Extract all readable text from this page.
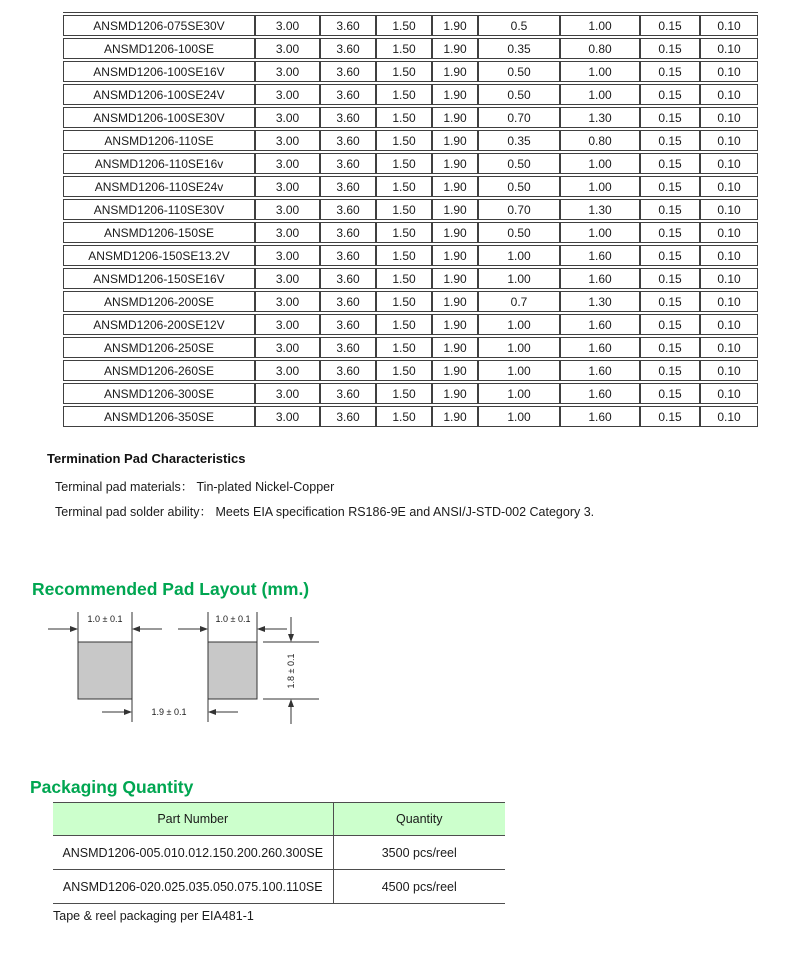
ANSMD1206-075SE30V	3.00	3.60	1.50	1.90	0.5	1.00	0.15	0.10
ANSMD1206-100SE	3.00	3.60	1.50	1.90	0.35	0.80	0.15	0.10
ANSMD1206-100SE16V	3.00	3.60	1.50	1.90	0.50	1.00	0.15	0.10
ANSMD1206-100SE24V	3.00	3.60	1.50	1.90	0.50	1.00	0.15	0.10
ANSMD1206-100SE30V	3.00	3.60	1.50	1.90	0.70	1.30	0.15	0.10
ANSMD1206-110SE	3.00	3.60	1.50	1.90	0.35	0.80	0.15	0.10
ANSMD1206-110SE16v	3.00	3.60	1.50	1.90	0.50	1.00	0.15	0.10
ANSMD1206-110SE24v	3.00	3.60	1.50	1.90	0.50	1.00	0.15	0.10
ANSMD1206-110SE30V	3.00	3.60	1.50	1.90	0.70	1.30	0.15	0.10
ANSMD1206-150SE	3.00	3.60	1.50	1.90	0.50	1.00	0.15	0.10
ANSMD1206-150SE13.2V	3.00	3.60	1.50	1.90	1.00	1.60	0.15	0.10
ANSMD1206-150SE16V	3.00	3.60	1.50	1.90	1.00	1.60	0.15	0.10
ANSMD1206-200SE	3.00	3.60	1.50	1.90	0.7	1.30	0.15	0.10
ANSMD1206-200SE12V	3.00	3.60	1.50	1.90	1.00	1.60	0.15	0.10
ANSMD1206-250SE	3.00	3.60	1.50	1.90	1.00	1.60	0.15	0.10
ANSMD1206-260SE	3.00	3.60	1.50	1.90	1.00	1.60	0.15	0.10
ANSMD1206-300SE	3.00	3.60	1.50	1.90	1.00	1.60	0.15	0.10
ANSMD1206-350SE	3.00	3.60	1.50	1.90	1.00	1.60	0.15	0.10
Termination Pad Characteristics

Terminal pad materials： Tin-plated Nickel-Copper

Terminal pad solder ability： Meets EIA specification RS186-9E and ANSI/J-STD-002 Category 3.

Recommended Pad Layout (mm.)
1.0 ± 0.1	1.0 ± 0.1
1.8 ± 0.1
1.9 ± 0.1
Packaging Quantity
Part Number	Quantity
ANSMD1206-005.010.012.150.200.260.300SE	3500 pcs/reel
ANSMD1206-020.025.035.050.075.100.110SE	4500 pcs/reel

Tape & reel packaging per EIA481-1
